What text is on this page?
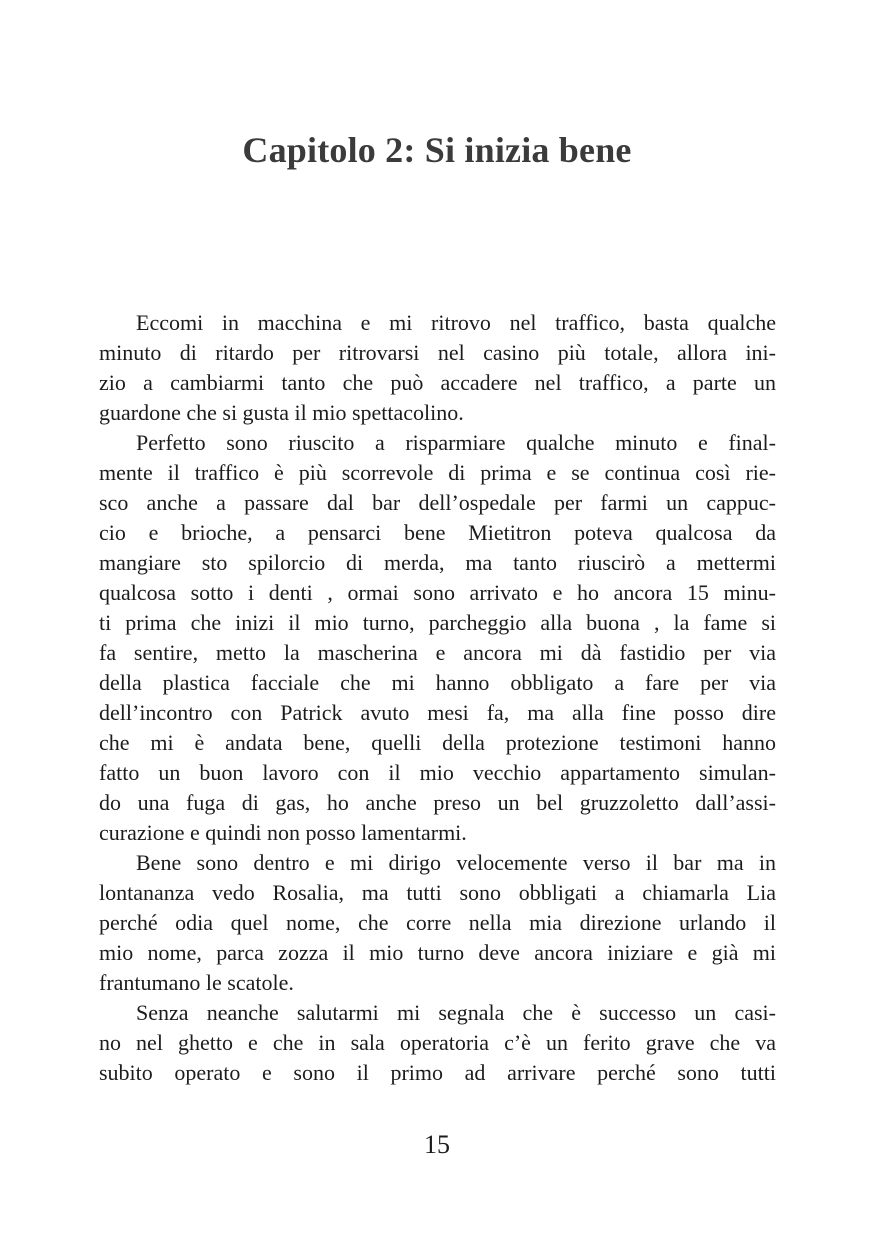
Capitolo 2: Si inizia bene

Eccomi in macchina e mi ritrovo nel traffico, basta qualche
minuto di ritardo per ritrovarsi nel casino più totale, allora ini-
zio a cambiarmi tanto che può accadere nel traffico, a parte un
guardone che si gusta il mio spettacolino.

Perfetto sono riuscito a risparmiare qualche minuto e final-
mente il traffico è più scorrevole di prima e se continua così rie-
sco anche a passare dal bar dell’ospedale per farmi un cappuc-
cio e brioche, a pensarci bene Mietitron poteva qualcosa da
mangiare sto spilorcio di merda, ma tanto riuscirò a mettermi
qualcosa sotto i denti , ormai sono arrivato e ho ancora 15 minu-
ti prima che inizi il mio turno, parcheggio alla buona , la fame si
fa sentire, metto la mascherina e ancora mi dà fastidio per via
della plastica facciale che mi hanno obbligato a fare per via
dell’incontro con Patrick avuto mesi fa, ma alla fine posso dire
che mi è andata bene, quelli della protezione testimoni hanno
fatto un buon lavoro con il mio vecchio appartamento simulan-
do una fuga di gas, ho anche preso un bel gruzzoletto dall’assi-
curazione e quindi non posso lamentarmi.

Bene sono dentro e mi dirigo velocemente verso il bar ma in
lontananza vedo Rosalia, ma tutti sono obbligati a chiamarla Lia
perché odia quel nome, che corre nella mia direzione urlando il
mio nome, parca zozza il mio turno deve ancora iniziare e già mi
frantumano le scatole.

Senza neanche salutarmi mi segnala che è successo un casi-
no nel ghetto e che in sala operatoria c’è un ferito grave che va
subito operato e sono il primo ad arrivare perché sono tutti

15
